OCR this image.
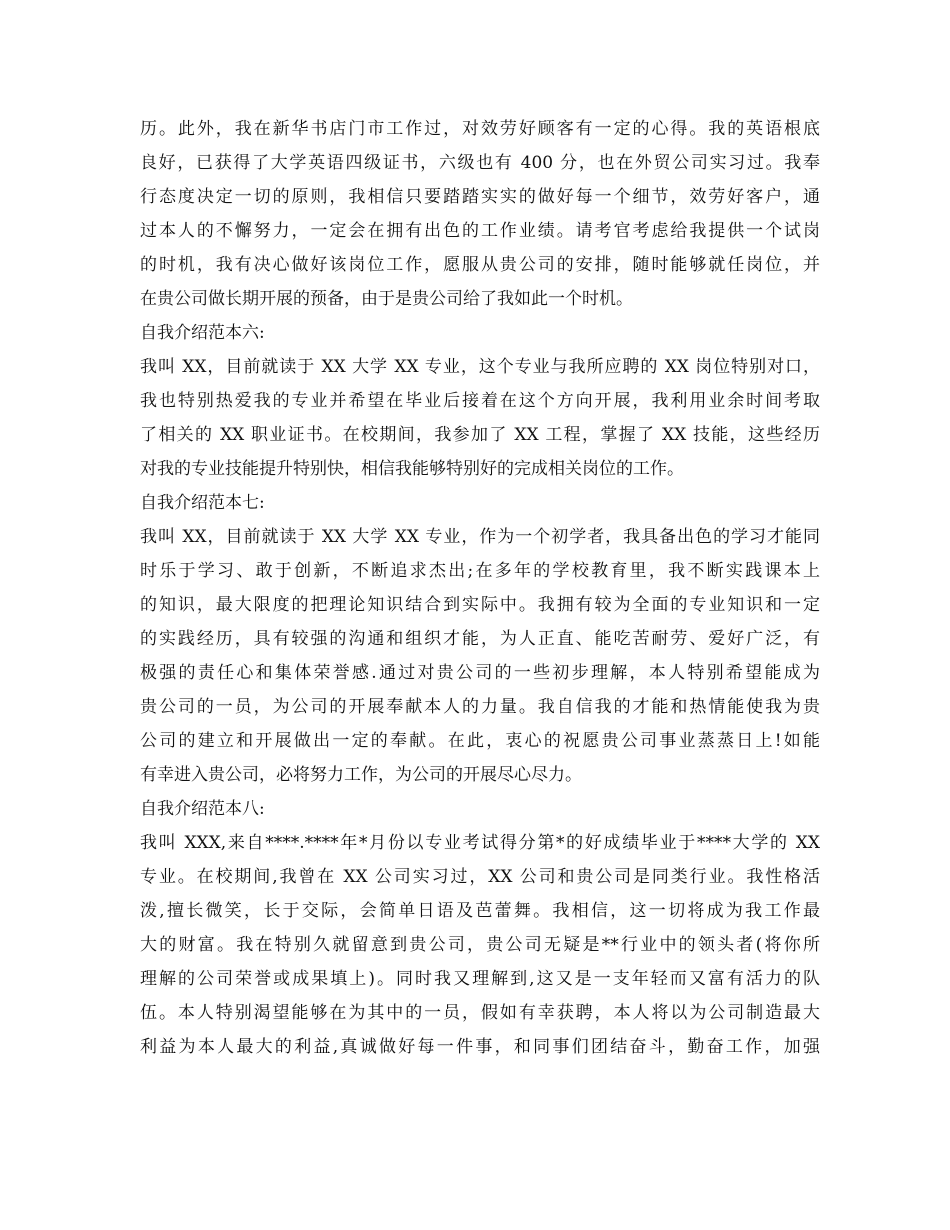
历。此外，我在新华书店门市工作过，对效劳好顾客有一定的心得。我的英语根底
良好，已获得了大学英语四级证书，六级也有 400 分，也在外贸公司实习过。我奉
行态度决定一切的原则，我相信只要踏踏实实的做好每一个细节，效劳好客户，通
过本人的不懈努力，一定会在拥有出色的工作业绩。请考官考虑给我提供一个试岗
的时机，我有决心做好该岗位工作，愿服从贵公司的安排，随时能够就任岗位，并
在贵公司做长期开展的预备，由于是贵公司给了我如此一个时机。
自我介绍范本六:
我叫 XX，目前就读于 XX 大学 XX 专业，这个专业与我所应聘的 XX 岗位特别对口，
我也特别热爱我的专业并希望在毕业后接着在这个方向开展，我利用业余时间考取
了相关的 XX 职业证书。在校期间，我参加了 XX 工程，掌握了 XX 技能，这些经历
对我的专业技能提升特别快，相信我能够特别好的完成相关岗位的工作。
自我介绍范本七:
我叫 XX，目前就读于 XX 大学 XX 专业，作为一个初学者，我具备出色的学习才能同
时乐于学习、敢于创新，不断追求杰出;在多年的学校教育里，我不断实践课本上
的知识，最大限度的把理论知识结合到实际中。我拥有较为全面的专业知识和一定
的实践经历，具有较强的沟通和组织才能，为人正直、能吃苦耐劳、爱好广泛，有
极强的责任心和集体荣誉感.通过对贵公司的一些初步理解，本人特别希望能成为
贵公司的一员，为公司的开展奉献本人的力量。我自信我的才能和热情能使我为贵
公司的建立和开展做出一定的奉献。在此，衷心的祝愿贵公司事业蒸蒸日上!如能
有幸进入贵公司，必将努力工作，为公司的开展尽心尽力。
自我介绍范本八:
我叫 XXX,来自****.****年*月份以专业考试得分第*的好成绩毕业于****大学的 XX
专业。在校期间,我曾在 XX 公司实习过，XX 公司和贵公司是同类行业。我性格活
泼,擅长微笑，长于交际，会简单日语及芭蕾舞。我相信，这一切将成为我工作最
大的财富。我在特别久就留意到贵公司，贵公司无疑是**行业中的领头者(将你所
理解的公司荣誉或成果填上)。同时我又理解到,这又是一支年轻而又富有活力的队
伍。本人特别渴望能够在为其中的一员，假如有幸获聘，本人将以为公司制造最大
利益为本人最大的利益,真诚做好每一件事，和同事们团结奋斗，勤奋工作，加强
